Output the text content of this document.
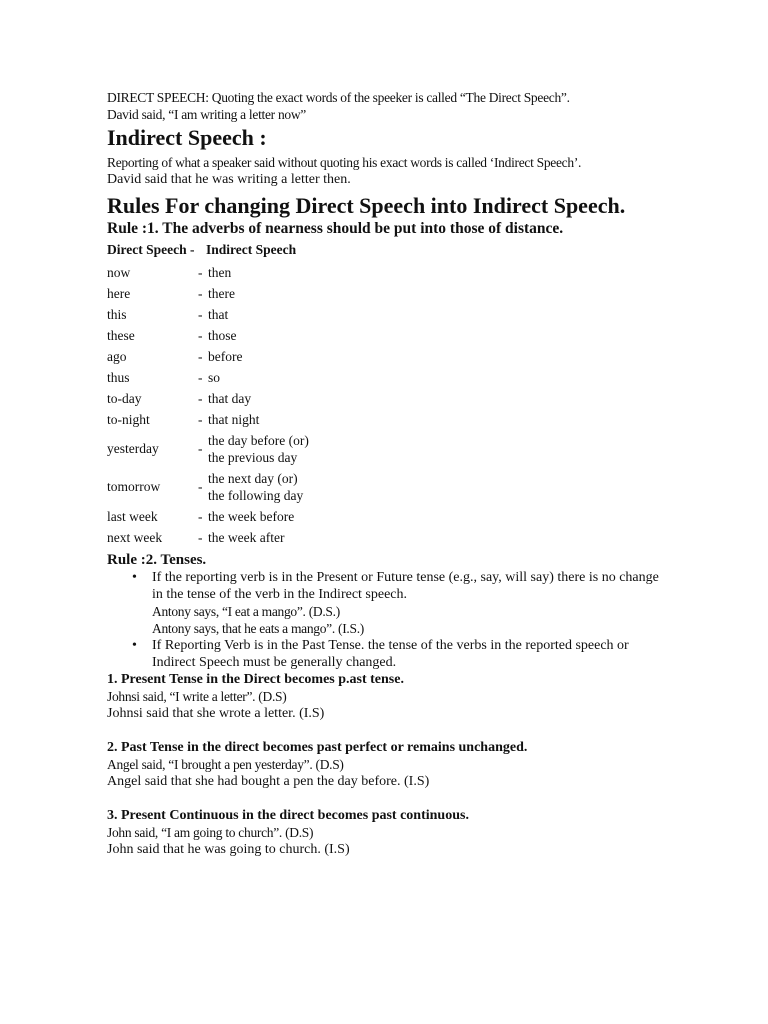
DIRECT SPEECH: Quoting the exact words of the speeker is called “The Direct Speech”.
David said, “I am writing a letter now”
Indirect Speech :
Reporting of what a speaker said without quoting his exact words is called ‘Indirect Speech’.
David said that he was writing a letter then.
Rules For changing Direct Speech into Indirect Speech.
Rule :1. The adverbs of nearness should be put into those of distance.
Direct Speech - Indirect Speech
now	-	then
here	-	there
this	-	that
these	-	those
ago	-	before
thus	-	so
to-day	-	that day
to-night	-	that night
yesterday	-	the day before (or)
the previous day

tomorrow	-	the next day (or)
the following day

last week	-	the week before
next week	-	the week after
Rule :2. Tenses.
• If the reporting verb is in the Present or Future tense (e.g., say, will say) there is no change in the tense of the verb in the Indirect speech.
Antony says, “I eat a mango”. (D.S.)
Antony says, that he eats a mango”. (I.S.)
• If Reporting Verb is in the Past Tense. the tense of the verbs in the reported speech or Indirect Speech must be generally changed.
1. Present Tense in the Direct becomes p.ast tense.
Johnsi said, “I write a letter”. (D.S)
Johnsi said that she wrote a letter. (I.S)
2. Past Tense in the direct becomes past perfect or remains unchanged.
Angel said, “I brought a pen yesterday”. (D.S)
Angel said that she had bought a pen the day before. (I.S)
3. Present Continuous in the direct becomes past continuous.
John said, “I am going to church”. (D.S)
John said that he was going to church. (I.S)
